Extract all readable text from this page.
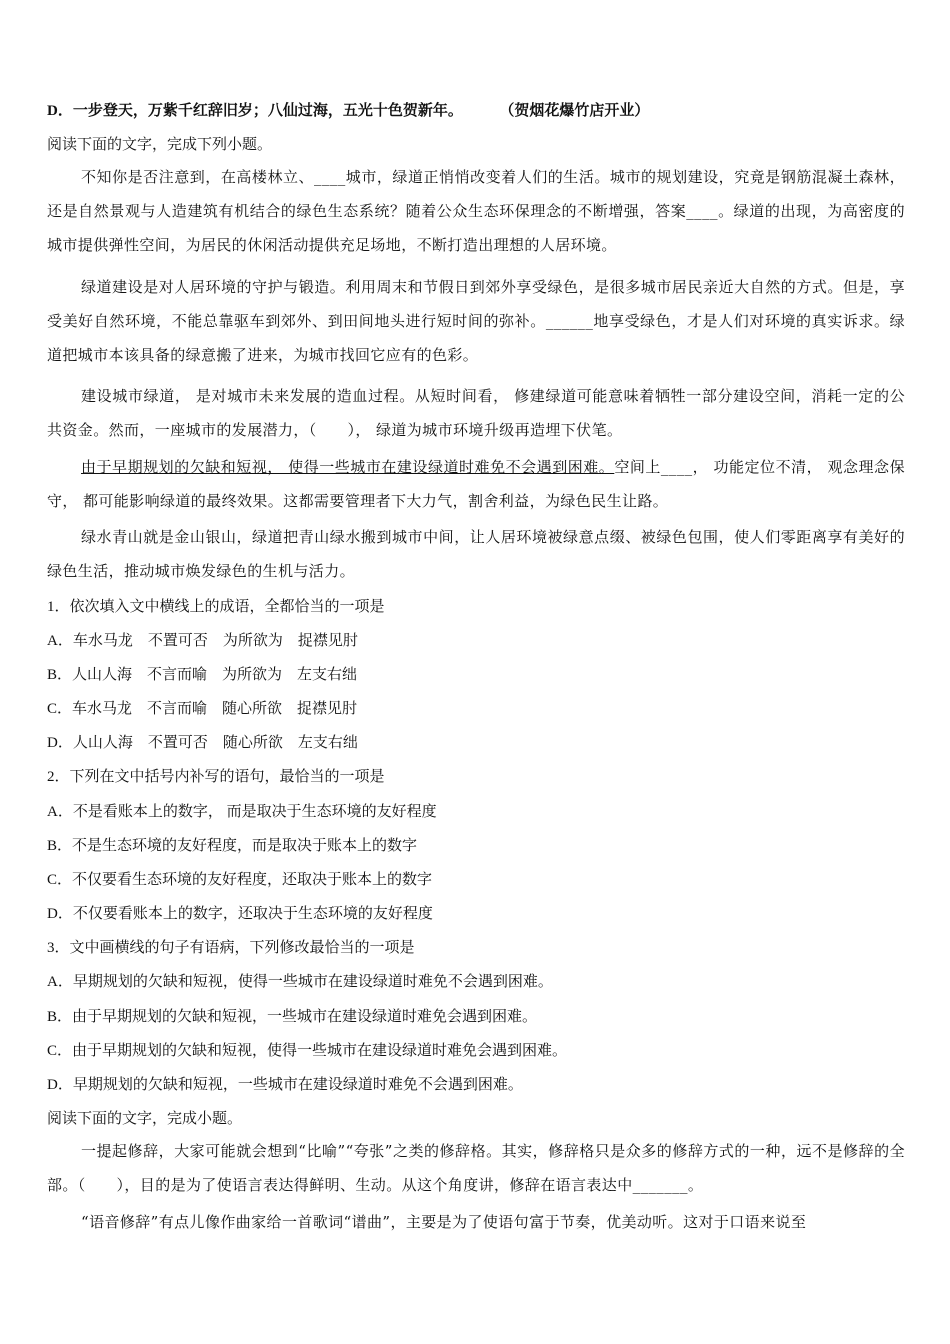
D．一步登天，万紫千红辞旧岁；八仙过海，五光十色贺新年。	（贺烟花爆竹店开业）
阅读下面的文字，完成下列小题。
不知你是否注意到，在高楼林立、____城市，绿道正悄悄改变着人们的生活。城市的规划建设，究竟是钢筋混凝土森林，还是自然景观与人造建筑有机结合的绿色生态系统？随着公众生态环保理念的不断增强，答案____。绿道的出现，为高密度的城市提供弹性空间，为居民的休闲活动提供充足场地，不断打造出理想的人居环境。
绿道建设是对人居环境的守护与锻造。利用周末和节假日到郊外享受绿色，是很多城市居民亲近大自然的方式。但是，享受美好自然环境，不能总靠驱车到郊外、到田间地头进行短时间的弥补。______地享受绿色，才是人们对环境的真实诉求。绿道把城市本该具备的绿意搬了进来，为城市找回它应有的色彩。
建设城市绿道， 是对城市未来发展的造血过程。从短时间看， 修建绿道可能意味着牺牲一部分建设空间，消耗一定的公共资金。然而，一座城市的发展潜力，（　　）， 绿道为城市环境升级再造埋下伏笔。
由于早期规划的欠缺和短视， 使得一些城市在建设绿道时难免不会遇到困难。空间上____， 功能定位不清， 观念理念保守， 都可能影响绿道的最终效果。这都需要管理者下大力气，割舍利益，为绿色民生让路。
绿水青山就是金山银山，绿道把青山绿水搬到城市中间，让人居环境被绿意点缀、被绿色包围，使人们零距离享有美好的绿色生活，推动城市焕发绿色的生机与活力。
1．依次填入文中横线上的成语，全都恰当的一项是
A．车水马龙　不置可否　为所欲为　捉襟见肘
B．人山人海　不言而喻　为所欲为　左支右绌
C．车水马龙　不言而喻　随心所欲　捉襟见肘
D．人山人海　不置可否　随心所欲　左支右绌
2．下列在文中括号内补写的语句，最恰当的一项是
A．不是看账本上的数字， 而是取决于生态环境的友好程度
B．不是生态环境的友好程度，而是取决于账本上的数字
C．不仅要看生态环境的友好程度，还取决于账本上的数字
D．不仅要看账本上的数字，还取决于生态环境的友好程度
3．文中画横线的句子有语病，下列修改最恰当的一项是
A．早期规划的欠缺和短视，使得一些城市在建设绿道时难免不会遇到困难。
B．由于早期规划的欠缺和短视，一些城市在建设绿道时难免会遇到困难。
C．由于早期规划的欠缺和短视，使得一些城市在建设绿道时难免会遇到困难。
D．早期规划的欠缺和短视，一些城市在建设绿道时难免不会遇到困难。
阅读下面的文字，完成小题。
一提起修辞，大家可能就会想到“比喻”“夸张”之类的修辞格。其实，修辞格只是众多的修辞方式的一种，远不是修辞的全部。（　　），目的是为了使语言表达得鲜明、生动。从这个角度讲，修辞在语言表达中_______。
“语音修辞”有点儿像作曲家给一首歌词“谱曲”，主要是为了使语句富于节奏，优美动听。这对于口语来说至
